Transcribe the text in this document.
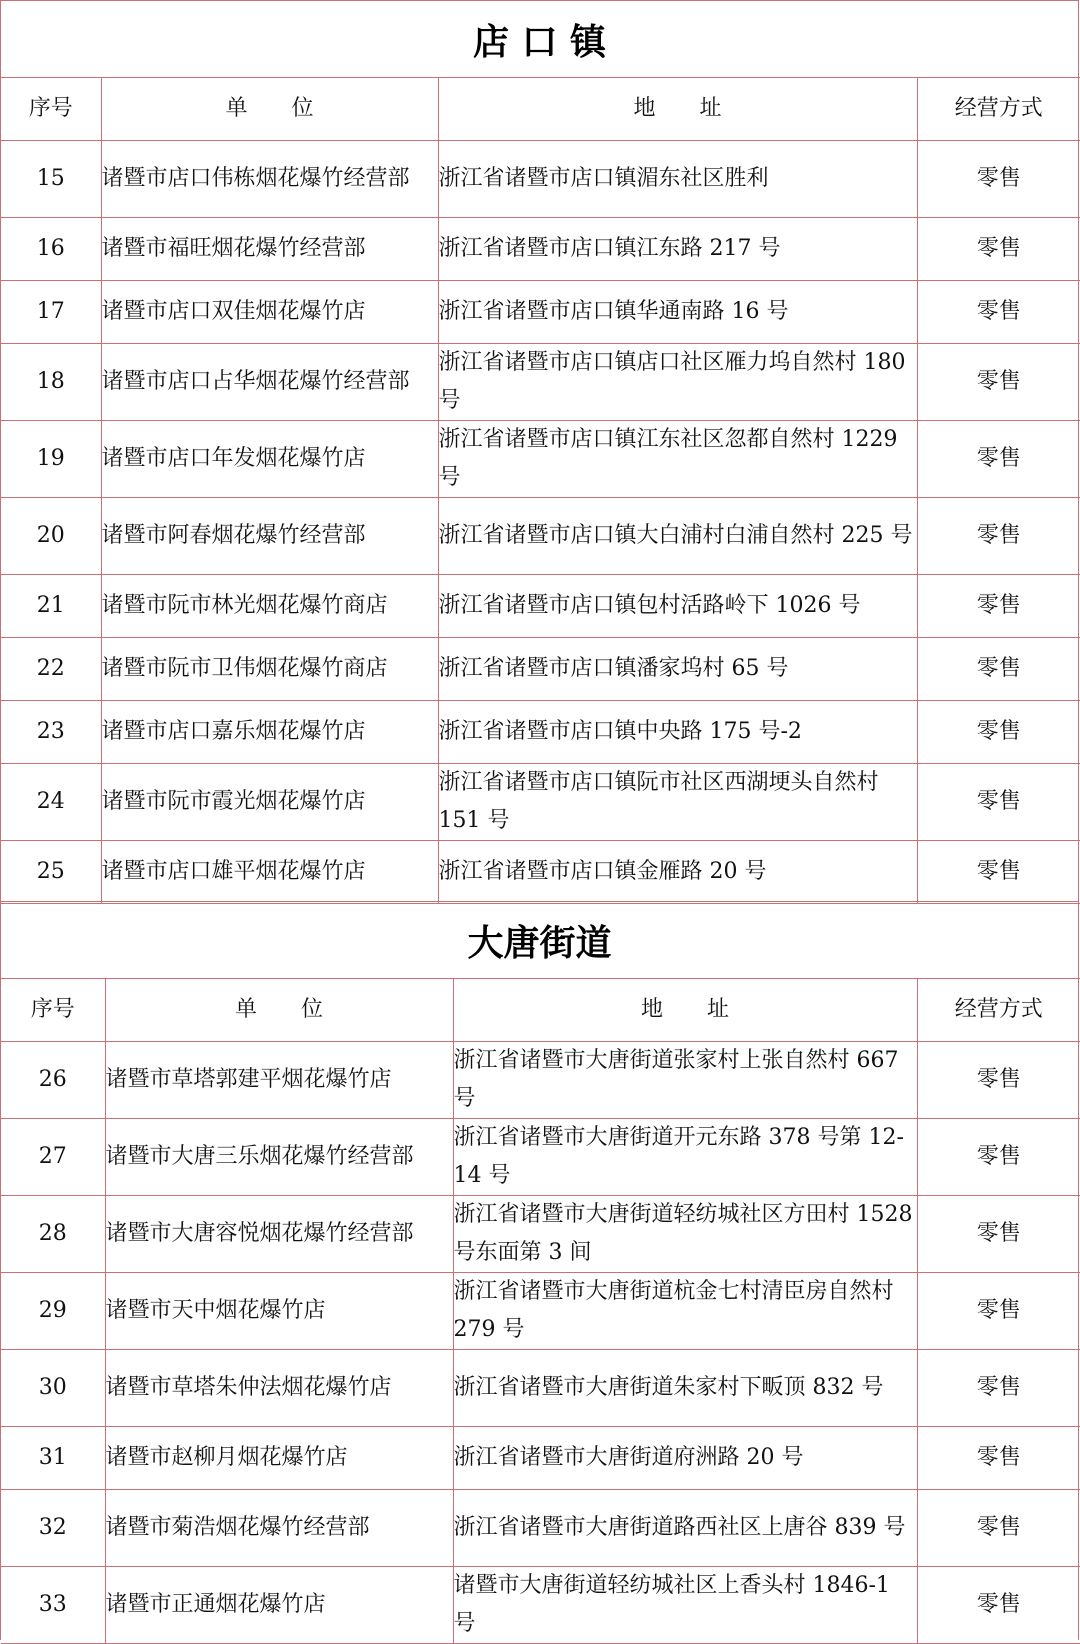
店 口 镇
序号	单　　位	地　　址	经营方式
15	诸暨市店口伟栋烟花爆竹经营部	浙江省诸暨市店口镇湄东社区胜利	零售
16	诸暨市福旺烟花爆竹经营部	浙江省诸暨市店口镇江东路 217 号	零售
17	诸暨市店口双佳烟花爆竹店	浙江省诸暨市店口镇华通南路 16 号	零售
18	诸暨市店口占华烟花爆竹经营部	浙江省诸暨市店口镇店口社区雁力坞自然村 180 号	零售
19	诸暨市店口年发烟花爆竹店	浙江省诸暨市店口镇江东社区忽都自然村 1229 号	零售
20	诸暨市阿春烟花爆竹经营部	浙江省诸暨市店口镇大白浦村白浦自然村 225 号	零售
21	诸暨市阮市林光烟花爆竹商店	浙江省诸暨市店口镇包村活路岭下 1026 号	零售
22	诸暨市阮市卫伟烟花爆竹商店	浙江省诸暨市店口镇潘家坞村 65 号	零售
23	诸暨市店口嘉乐烟花爆竹店	浙江省诸暨市店口镇中央路 175 号-2	零售
24	诸暨市阮市霞光烟花爆竹店	浙江省诸暨市店口镇阮市社区西湖埂头自然村 151 号	零售
25	诸暨市店口雄平烟花爆竹店	浙江省诸暨市店口镇金雁路 20 号	零售
大唐街道
序号	单　　位	地　　址	经营方式
26	诸暨市草塔郭建平烟花爆竹店	浙江省诸暨市大唐街道张家村上张自然村 667 号	零售
27	诸暨市大唐三乐烟花爆竹经营部	浙江省诸暨市大唐街道开元东路 378 号第 12-14 号	零售
28	诸暨市大唐容悦烟花爆竹经营部	浙江省诸暨市大唐街道轻纺城社区方田村 1528 号东面第 3 间	零售
29	诸暨市天中烟花爆竹店	浙江省诸暨市大唐街道杭金七村清臣房自然村 279 号	零售
30	诸暨市草塔朱仲法烟花爆竹店	浙江省诸暨市大唐街道朱家村下畈顶 832 号	零售
31	诸暨市赵柳月烟花爆竹店	浙江省诸暨市大唐街道府洲路 20 号	零售
32	诸暨市菊浩烟花爆竹经营部	浙江省诸暨市大唐街道路西社区上唐谷 839 号	零售
33	诸暨市正通烟花爆竹店	诸暨市大唐街道轻纺城社区上香头村 1846-1 号	零售
